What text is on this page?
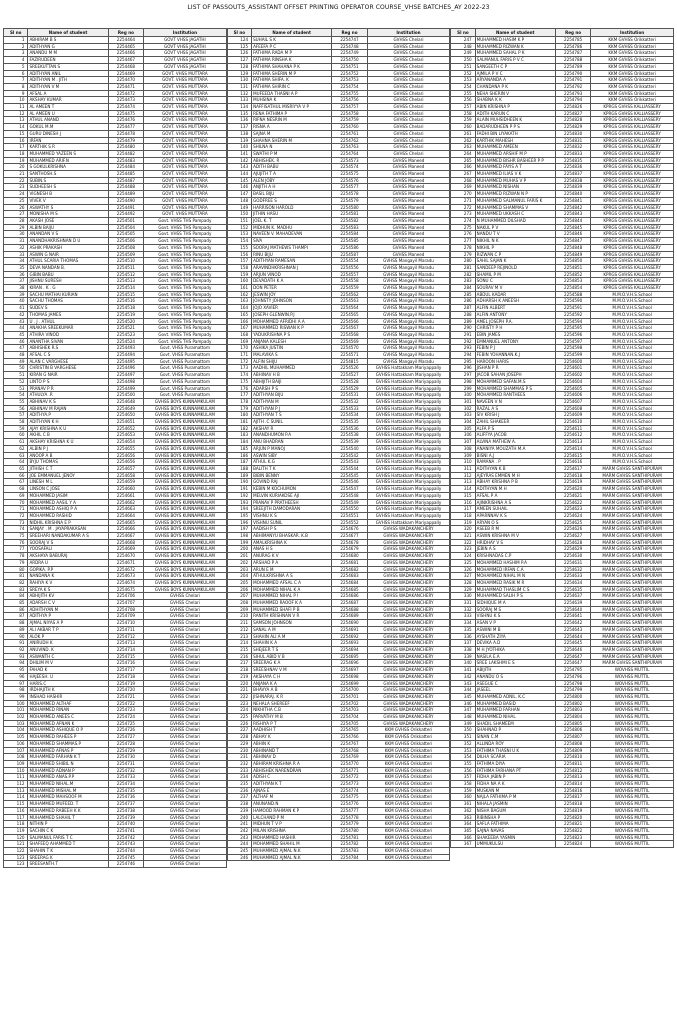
LIST OF PASSOUTS_ASSISTANT OFFSET PRINTING OPERATOR COURSE_VHSE BATCHES_AY 2022-23
Sl no	Name of student	Reg no	Institution
1	ABHIRAM B S	2254464	GOVT VHSS JAGATHI
2	ADITHYAN G	2254465	GOVT VHSS JAGATHI
3	ANANDU M M	2254466	GOVT VHSS JAGATHI
4	FAZIRUDEEN	2254467	GOVT VHSS JAGATHI
5	SREEKUTTAN S	2254468	GOVT VHSS JAGATHI
6	ADITHYAN ANIL	2254469	GOVT. VHSS MUTTARA
7	ADITHYAN M . JITH	2254470	GOVT. VHSS MUTTARA
8	ADITHYAN V M	2254471	GOVT. VHSS MUTTARA
9	AFSAL A	2254472	GOVT. VHSS MUTTARA
10	AKSHAY KUMAR	2254473	GOVT. VHSS MUTTARA
11	AL AMEEN T	2254474	GOVT. VHSS MUTTARA
12	AL AMEEN U	2254475	GOVT. VHSS MUTTARA
13	ATHUL ANAND	2254476	GOVT. VHSS MUTTARA
14	GOKUL M.M	2254477	GOVT. VHSS MUTTARA
15	GURU DINESH J	2254478	GOVT. VHSS MUTTARA
16	IRFAN	2254479	GOVT. VHSS MUTTARA
17	KARTHIK S R	2254480	GOVT. VHSS MUTTARA
18	MUHAMMED YAZEEN S	2254482	GOVT. VHSS MUTTARA
19	MUHAMMED ARIF.N	2254483	GOVT. VHSS MUTTARA
20	S GOKULKRISHNA	2254484	GOVT. VHSS MUTTARA
21	SANTHOSH.S	2254485	GOVT. VHSS MUTTARA
22	SUBIN.S	2254487	GOVT. VHSS MUTTARA
23	SUDHEESH S	2254488	GOVT. VHSS MUTTARA
24	VIGNESH B	2254489	GOVT. VHSS MUTTARA
25	VIVEK V	2254490	GOVT. VHSS MUTTARA
26	ASWATHY S	2254491	GOVT. VHSS MUTTARA
27	MONISHA M S	2254492	GOVT. VHSS MUTTARA
28	AKASH JOSE	2254501	Govt. VHSS THS Pampady
29	ALBIN BAIJU	2254504	Govt. VHSS THS Pampady
30	ANANDAN V S	2254505	Govt. VHSS THS Pampady
31	ANANDHAKRISHNAN D U	2254506	Govt. VHSS THS Pampady
32	ASHIK PRAKASH	2254508	Govt. VHSS THS Pampady
33	ASWIN G NAIR	2254509	Govt. VHSS THS Pampady
34	ATHUL SCARIA THOMAS	2254510	Govt. VHSS THS Pampady
35	DEVA NANDAN B.	2254511	Govt. VHSS THS Pampady
36	GIBIN BABU	2254512	Govt. VHSS THS Pampady
37	JISHNU SURESH	2254513	Govt. VHSS THS Pampady
38	KIRAN . K . G	2254514	Govt. VHSS THS Pampady
39	SACHU MATHAI KURIAN	2254515	Govt. VHSS THS Pampady
40	SACHU THOMAS	2254516	Govt. VHSS THS Pampady
41	SUDEV S	2254518	Govt. VHSS THS Pampady
42	THOMAS JAMES	2254519	Govt. VHSS THS Pampady
43	U . J . ATHUL	2254520	Govt. VHSS THS Pampady
44	ANAKHA SREEKUMAR	2254521	Govt. VHSS THS Pampady
45	ATHIRA VINOD	2254523	Govt. VHSS THS Pampady
46	ANANTHA SIVAN	2254524	Govt. VHSS THS Pampady
47	ABHISHEK R.S	2254493	Govt. VHSS Puramattom
48	AFSAL C S	2254494	Govt. VHSS Puramattom
49	ALAN C VARGHESE	2254495	Govt. VHSS Puramattom
50	CHRISTIN B VARGHESE	2254496	Govt. VHSS Puramattom
51	KIRAN G NAIR	2254497	Govt. VHSS Puramattom
52	LINTO P S	2254498	Govt. VHSS Puramattom
53	PRANAV P R	2254499	Govt. VHSS Puramattom
54	ATHULYA .R	2254500	Govt. VHSS Puramattom
55	ABHINAV K S	2254648	GVHSS BOYS KUNNAMKULAM
56	ABHINAV M RAJAN	2254649	GVHSS BOYS KUNNAMKULAM
57	ADITHYA.P	2254650	GVHSS BOYS KUNNAMKULAM
58	ADITHYAN K H	2254651	GVHSS BOYS KUNNAMKULAM
59	AJAY KRISHNA K U	2254652	GVHSS BOYS KUNNAMKULAM
60	AKHIL C B	2254653	GVHSS BOYS KUNNAMKULAM
61	AKSHAY KRISHNA K U	2254654	GVHSS BOYS KUNNAMKULAM
62	ALBIN P J	2254655	GVHSS BOYS KUNNAMKULAM
63	ANOOP A B	2254656	GVHSS BOYS KUNNAMKULAM
64	BYJU THOMAS	2254656	GVHSS BOYS KUNNAMKULAM
65	JITHISH C T	2254657	GVHSS BOYS KUNNAMKULAM
66	JOE EMMANUEL JENOY	2254658	GVHSS BOYS KUNNAMKULAM
67	LINESH M L	2254659	GVHSS BOYS KUNNAMKULAM
68	LINSON C JOSE	2254660	GVHSS BOYS KUNNAMKULAM
69	MOHAMMED JASIM	2254661	GVHSS BOYS KUNNAMKULAM
70	MOHAMMED AASIL Y A	2254662	GVHSS BOYS KUNNAMKULAM
71	MOHAMMED ASHIQ P A	2254663	GVHSS BOYS KUNNAMKULAM
72	MOHAMMED RASHID	2254664	GVHSS BOYS KUNNAMKULAM
73	NIDHIL KRISHNA E P	2254665	GVHSS BOYS KUNNAMKULAM
74	SANJAY . M . JAYAPRAKASAN	2254666	GVHSS BOYS KUNNAMKULAM
75	SREEHARI NANDAKUMAR A S	2254667	GVHSS BOYS KUNNAMKULAM
76	SOORAJ V S	2254668	GVHSS BOYS KUNNAMKULAM
77	YOOSAFALI	2254669	GVHSS BOYS KUNNAMKULAM
78	AKSHAYA BABURAJ	2254670	GVHSS BOYS KUNNAMKULAM
79	ARDRA U	2254671	GVHSS BOYS KUNNAMKULAM
80	GOPIKA. P.P	2254672	GVHSS BOYS KUNNAMKULAM
81	NANDANA K	2254673	GVHSS BOYS KUNNAMKULAM
82	RAHIYA K V	2254674	GVHSS BOYS KUNNAMKULAM
83	SREYA K S	2254675	GVHSS BOYS KUNNAMKULAM
84	ABHIJITH KV	2254706	GVHSS Chelari
85	ADARSH C V	2254707	GVHSS Chelari
86	ADHITHYAN M	2254708	GVHSS Chelari
87	ADITHYA P	2254709	GVHSS Chelari
88	AJMAL NIYAS A P	2254710	GVHSS Chelari
89	ALI AKBAR T P	2254711	GVHSS Chelari
90	ALOK P	2254712	GVHSS Chelari
91	ANIRUDH K	2254713	GVHSS Chelari
92	ANUVIND. K	2254714	GVHSS Chelari
93	ASWANTH C	2254715	GVHSS Chelari
94	DHILIM M V	2254716	GVHSS Chelari
95	FAHAD K	2254717	GVHSS Chelari
96	HAJEESH. U	2254718	GVHSS Chelari
97	HARIS.C	2254719	GVHSS Chelari
98	IRDHAJITH K	2254720	GVHSS Chelari
99	INSHAD HASHIR	2254721	GVHSS Chelari
100	MOHAMMED ALTHAF	2254722	GVHSS Chelari
101	MOHAMMED RINAN	2254723	GVHSS Chelari
102	MOHAMMED ANEES C	2254724	GVHSS Chelari
103	MOHAMMED AFNAN K	2254725	GVHSS Chelari
104	MOHAMMED ASHIQUE O P	2254726	GVHSS Chelari
105	MOHAMMED RAHEES P	2254727	GVHSS Chelari
106	MOHAMMED SHAMMAS.P	2254728	GVHSS Chelari
107	MUHAMMED AFNAS P	2254729	GVHSS Chelari
108	MUHAMMED FARHAN K T	2254730	GVHSS Chelari
109	MUHAMMED SHIBIL N	2254731	GVHSS Chelari
110	MUHAMMED ADNAN P	2254732	GVHSS Chelari
111	MUHAMMED ANAS.P.P	2254733	GVHSS Chelari
112	MUHAMMED NIHAL.M	2254734	GVHSS Chelari
113	MUHAMMED MISHAL M	2254735	GVHSS Chelari
114	MUHAMMED MAHSOOF M	2254736	GVHSS Chelari
115	MUHAMMED MUFEED. T	2254737	GVHSS Chelari
116	MUHAMMED RABEEH K K	2254738	GVHSS Chelari
117	MUHAMMED SHAHIL T	2254739	GVHSS Chelari
118	NITHIN P	2254740	GVHSS Chelari
119	SACHIN C K	2254741	GVHSS Chelari
120	SALMANUL FARIS T C	2254742	GVHSS Chelari
121	SHAFEEQ AHAMMED T	2254743	GVHSS Chelari
122	SHAHIN T K	2254744	GVHSS Chelari
123	SREERAG K	2254745	GVHSS Chelari
123	SREESANTH.T	2254746	GVHSS Chelari
Sl no	Name of student	Reg no	Institution
124	SUHAIL S K	2254747	GVHSS Chelari
125	AFEEFA P C	2254748	GVHSS Chelari
126	FATHIMA RADA M P	2254749	GVHSS Chelari
127	FATHIMA RINSHA K	2254750	GVHSS Chelari
128	FATHIMA SHAHANA P K	2254751	GVHSS Chelari
129	FATHIMA SHERIN M P	2254752	GVHSS Chelari
130	FATHIMA SHIFA. K	2254753	GVHSS Chelari
131	FATHIMA SHIRIN C	2254754	GVHSS Chelari
132	MUFEEDA THASNI A P	2254755	GVHSS Chelari
133	MUHSINA K	2254756	GVHSS Chelari
134	NAFFISATHUL MISRIYYA V P	2254757	GVHSS Chelari
135	RENA FATHIMA P	2254758	GVHSS Chelari
136	RIFNA NESRIN M	2254759	GVHSS Chelari
137	RISNA A	2254760	GVHSS Chelari
138	SAJNA M	2254761	GVHSS Chelari
139	SHAHNA SHERIN M	2254762	GVHSS Chelari
140	SHILNA N	2254763	GVHSS Chelari
141	SWATHI P M	2254764	GVHSS Chelari
142	ABHISHEK. R	2254573	GVHSS Maneed
143	ADITH BABU	2254574	GVHSS Maneed
144	AJUJITH T A	2254575	GVHSS Maneed
145	ALEN JOBY	2254576	GVHSS Maneed
146	ANJITH A H	2254577	GVHSS Maneed
147	BASIL BIJU	2254578	GVHSS Maneed
148	GODFREE S	2254579	GVHSS Maneed
149	HARRISON HAROLD	2254580	GVHSS Maneed
150	JITHIN HASU	2254581	GVHSS Maneed
151	JOEL K. T	2254582	GVHSS Maneed
152	MIDHUN K. MADHU	2254583	GVHSS Maneed
153	NAVEEN V. MAHADEVAN	2254584	GVHSS Maneed
154	SIVA	2254585	GVHSS Maneed
155	SOORAJ MATHEWS THAMPI	2254586	GVHSS Maneed
156	RINU BIJU	2254587	GVHSS Maneed
157	ADITHYAN RAMESAN	2254554	GVHSS Mangayil Maradu
158	ARAVINDHKRISHNAN J	2254556	GVHSS Mangayil Maradu
159	ARJUN VINOD	2254557	GVHSS Mangayil Maradu
160	DEVADATH K A	2254558	GVHSS Mangayil Maradu
161	DON PETER	2254559	GVHSS Mangayil Maradu
162	JESWIN JOY	2254562	GVHSS Mangayil Maradu
163	JOHNSTY JOHNSON	2254563	GVHSS Mangayil Maradu
164	JOJO XAVIER	2254564	GVHSS Mangayil Maradu
165	JOSEPH GLENWIN.P.J	2254565	GVHSS Mangayil Maradu
166	MOHAMMED AFRIDHI A A	2254566	GVHSS Mangayil Maradu
167	MUHAMMED RISWAN K P	2254567	GVHSS Mangayil Maradu
168	YADUKRISHNA P S	2254568	GVHSS Mangayil Maradu
169	ANJANA KALESH	2254569	GVHSS Mangayil Maradu
170	ASHIKA JUSTIN	2254570	GVHSS Mangayil Maradu
171	MALAVIKA S	2254571	GVHSS Mangayil Maradu
172	ALFIN SHIJU	2254815	GVHSS Mangayil Maradu
173	AADHIL MUHAMMED	2254526	GVHSS Hattakkam Mariyappally
174	ABHINAV H B	2254527	GVHSS Hattakkam Mariyappally
175	ABHIJITH BAIJI	2254528	GVHSS Hattakkam Mariyappally
176	ADARSH P S	2254529	GVHSS Hattakkam Mariyappally
177	ADITHYAN BIJU	2254531	GVHSS Hattakkam Mariyappally
178	ADITHYAN M	2254532	GVHSS Hattakkam Mariyappally
179	ADITHYAN P J	2254533	GVHSS Hattakkam Mariyappally
180	ADITHYAN T S	2254534	GVHSS Hattakkam Mariyappally
181	AJITH .C SUNIL	2254535	GVHSS Hattakkam Mariyappally
182	AKSHAY R	2254536	GVHSS Hattakkam Mariyappally
183	ANANDHUMON P.A	2254538	GVHSS Hattakkam Mariyappally
184	ANU BHADRAN	2254539	GVHSS Hattakkam Mariyappally
185	ARJUN P MANOJ	2254540	GVHSS Hattakkam Mariyappally
186	ASWIN SIBY	2254542	GVHSS Hattakkam Mariyappally
187	ATHUL K.G	2254543	GVHSS Hattakkam Mariyappally
188	BALITH T K	2254544	GVHSS Hattakkam Mariyappally
189	BIBIN BENNY	2254545	GVHSS Hattakkam Mariyappally
190	GOVIND RAJ	2254546	GVHSS Hattakkam Mariyappally
191	KEBIN M KOCHUMON	2254547	GVHSS Hattakkam Mariyappally
192	MELVIN KURIAKOSE AJI	2254548	GVHSS Hattakkam Mariyappally
193	PRANAV P PRATHEESH	2254549	GVHSS Hattakkam Mariyappally
194	SREEJITH DAMODARAN	2254550	GVHSS Hattakkam Mariyappally
195	VISHNU K S	2254551	GVHSS Hattakkam Mariyappally
196	VISHNU SUNIL	2254552	GVHSS Hattakkam Mariyappally
197	AADISH P S	2254676	GVHSS WADAKANCHERY
198	ABHIMANYU BHASKAR. K.B	2254677	GVHSS WADAKANCHERY
199	AMALKRISHNA K	2254678	GVHSS WADAKANCHERY
200	ANAS H S	2254679	GVHSS WADAKANCHERY
201	ANURAG K V	2254680	GVHSS WADAKANCHERY
202	ARSHAD P A	2254681	GVHSS WADAKANCHERY
203	ARUN E M	2254682	GVHSS WADAKANCHERY
204	ATHULKRISHNA A S	2254683	GVHSS WADAKANCHERY
205	MOHAMMED AFSAL C A	2254684	GVHSS WADAKANCHERY
206	MOHAMMED NIHAL K A	2254685	GVHSS WADAKANCHERY
207	MUHAMMED NIHAL P I	2254686	GVHSS WADAKANCHERY
208	MUHAMMED RAOOF K A	2254687	GVHSS WADAKANCHERY
209	MUHAMMED SHAFI P B	2254688	GVHSS WADAKANCHERY
210	RANITH KRISHNAN V R	2254689	GVHSS WADAKANCHERY
211	SAMSON JOHNSON	2254690	GVHSS WADAKANCHERY
212	SANAL A M	2254691	GVHSS WADAKANCHERY
213	SHAHIN ALI A M	2254692	GVHSS WADAKANCHERY
214	SHAHIN K A	2254693	GVHSS WADAKANCHERY
215	SHEJEER T S	2254694	GVHSS WADAKANCHERY
216	SIHUL ABID V B	2254695	GVHSS WADAKANCHERY
217	SREERAG K A	2254696	GVHSS WADAKANCHERY
218	SREESHNAV V M	2254697	GVHSS WADAKANCHERY
219	AKSHAYA C H	2254698	GVHSS WADAKANCHERY
220	ANJANA K A	2254699	GVHSS WADAKANCHERY
221	BHAVYA A B	2254700	GVHSS WADAKANCHERY
222	JISHNARAJ. K R	2254701	GVHSS WADAKANCHERY
223	NEHALA SHEREEF	2254702	GVHSS WADAKANCHERY
224	NIKHITHA C.B	2254703	GVHSS WADAKANCHERY
225	PARVATHY M B	2254704	GVHSS WADAKANCHERY
226	RISHIYA P T	2254705	GVHSS WADAKANCHERY
227	AADHISH T	2254765	KKM GVHSS Orikkatteri
228	ABHAY K	2254766	KKM GVHSS Orikkatteri
229	ABHIN K	2254767	KKM GVHSS Orikkatteri
230	ABHINAND T	2254768	KKM GVHSS Orikkatteri
231	ABHINAV D	2254769	KKM GVHSS Orikkatteri
232	ABHIRAM KRISHNA R A	2254770	KKM GVHSS Orikkatteri
233	ABHISHEK NARENDRAN	2254771	KKM GVHSS Orikkatteri
234	ADISH C	2254772	KKM GVHSS Orikkatteri
235	ADITHYAN K T	2254773	KKM GVHSS Orikkatteri
236	AJNAS E	2254774	KKM GVHSS Orikkatteri
237	ALTHAF M	2254775	KKM GVHSS Orikkatteri
238	ANUNAND.N	2254776	KKM GVHSS Orikkatteri
239	HAMOOD RAHMAN K P	2254777	KKM GVHSS Orikkatteri
240	LALCHAND P M	2254778	KKM GVHSS Orikkatteri
241	MIDHUN T V P	2254779	KKM GVHSS Orikkatteri
242	MILAN KRISHNA	2254780	KKM GVHSS Orikkatteri
243	MOHAMMED HASHIR	2254781	KKM GVHSS Orikkatteri
244	MOHAMMED SHAHIL M	2254782	KKM GVHSS Orikkatteri
245	MUHAMMED AJMAL N.K	2254783	KKM GVHSS Orikkatteri
246	MUHAMMED AJMAL N.K	2254784	KKM GVHSS Orikkatteri
Sl no	Name of student	Reg no	Institution
247	MUHAMMED HASIM K P	2254785	KKM GVHSS Orikkatteri
248	MUHAMMED RIZWAN K	2254786	KKM GVHSS Orikkatteri
249	MUHAMMED SAHAL P K	2254787	KKM GVHSS Orikkatteri
250	SALMANUL FARIS P V C	2254788	KKM GVHSS Orikkatteri
251	SANGEETH C P	2254789	KKM GVHSS Orikkatteri
252	AJMILA P V C	2254790	KKM GVHSS Orikkatteri
253	ARYANANDA A	2254791	KKM GVHSS Orikkatteri
254	CHANDANA P K	2254792	KKM GVHSS Orikkatteri
255	NEHA SHERIN V	2254793	KKM GVHSS Orikkatteri
256	SHABNA K K	2254794	KKM GVHSS Orikkatteri
257	ABIN KRISHNA P	2254826	KPRGS GVHSS KALLIASSERY
258	ADITH KARUN C	2254827	KPRGS GVHSS KALLIASSERY
259	ALAIN MUHSIDHEEN K	2254828	KPRGS GVHSS KALLIASSERY
260	BADARUDHEEN P P S	2254829	KPRGS GVHSS KALLIASSERY
261	FADHI BIN LIYAKATH	2254830	KPRGS GVHSS KALLIASSERY
262	KARTHIK MAHESH	2254831	KPRGS GVHSS KALLIASSERY
263	MUHAMMED AMEEN	2254832	KPRGS GVHSS KALLIASSERY
264	MUHAMMED ARSHIF M P	2254833	KPRGS GVHSS KALLIASSERY
265	MUHAMMED BISHR BASHEER P P	2254835	KPRGS GVHSS KALLIASSERY
266	MUHAMMED FAYIS A T	2254836	KPRGS GVHSS KALLIASSERY
267	MUHAMMED ILIAS V K	2254837	KPRGS GVHSS KALLIASSERY
268	MUHAMMED MUHAS V P	2254838	KPRGS GVHSS KALLIASSERY
269	MUHAMMED NISHAN	2254839	KPRGS GVHSS KALLIASSERY
270	MUHAMMED RIZWAN N P	2254840	KPRGS GVHSS KALLIASSERY
271	MUHAMMED SALMANUL FARIS K	2254841	KPRGS GVHSS KALLIASSERY
272	MUHAMMED SHAMMAS V	2254842	KPRGS GVHSS KALLIASSERY
273	MUHAMMED UKKASH C	2254843	KPRGS GVHSS KALLIASSERY
274	N MUHAMMED DILSHAD	2254844	KPRGS GVHSS KALLIASSERY
275	NAKUL P V	2254845	KPRGS GVHSS KALLIASSERY
276	NANDU T V	2254846	KPRGS GVHSS KALLIASSERY
277	NIKHIL N K	2254847	KPRGS GVHSS KALLIASSERY
278	NIKHIL P	2254848	KPRGS GVHSS KALLIASSERY
279	RIZWAN C P	2254849	KPRGS GVHSS KALLIASSERY
280	SAHIL SAJAN K	2254850	KPRGS GVHSS KALLIASSERY
281	SANDEEP REJINOLD	2254851	KPRGS GVHSS KALLIASSERY
282	SHAMIL P M	2254852	KPRGS GVHSS KALLIASSERY
283	SONU C	2254853	KPRGS GVHSS KALLIASSERY
284	SOURAV M V	2254854	KPRGS GVHSS KALLIASSERY
285	ABDUL KADAR	2254588	M.M.O.V.H.S.School
286	ADHARSH K ANEESH	2254590	M.M.O.V.H.S.School
287	ALFIN ALBERT	2254591	M.M.O.V.H.S.School
288	ALFIN ANTONY	2254592	M.M.O.V.H.S.School
289	AMEL JOSEPH P.A.	2254594	M.M.O.V.H.S.School
290	CHRISTY P H	2254595	M.M.O.V.H.S.School
291	EBIN JAMES	2254596	M.M.O.V.H.S.School
292	EMMANUEL ANTONY	2254597	M.M.O.V.H.S.School
293	FEBIN P J	2254598	M.M.O.V.H.S.School
294	FEBIN YOHANNAN.K.J	2254599	M.M.O.V.H.S.School
295	HAROON HARIS	2254600	M.M.O.V.H.S.School
296	JISHAN P R	2254601	M.M.O.V.H.S.School
297	JACOB SAHAN JOSEPH	2254602	M.M.O.V.H.S.School
298	MOHAMMED SAFAN.M.S	2254604	M.M.O.V.H.S.School
299	MOHAMMED SHAMMAS P S	2254605	M.M.O.V.H.S.School
300	MOHAMMED RANTHEES	2254606	M.M.O.V.H.S.School
301	NAVEEN V N	2254607	M.M.O.V.H.S.School
302	RAZAL A S	2254608	M.M.O.V.H.S.School
303	SIV KRISH J	2254609	M.M.O.V.H.S.School
304	ZAHIL SHAKEER	2254610	M.M.O.V.H.S.School
305	ALFA P S	2254611	M.M.O.V.H.S.School
306	ALIFFYA JACOB	2254612	M.M.O.V.H.S.School
307	ALVINA MATHEW A.	2254613	M.M.O.V.H.S.School
308	ANANIYA MOUZATH M.A	2254614	M.M.O.V.H.S.School
309	BISNI A.J	2254615	M.M.O.V.H.S.School
310	RAMANA . P	2254616	M.M.O.V.H.S.School
311	ADITHYAN K B	2254617	MARM GVHSS SANTHIPURAM
312	AJEYRAS EMMEN M H	2254618	MARM GVHSS SANTHIPURAM
313	ABHAY KRISHNA P B	2254619	MARM GVHSS SANTHIPURAM
314	ADITHYAN M H	2254620	MARM GVHSS SANTHIPURAM
315	AFSAL P A	2254621	MARM GVHSS SANTHIPURAM
316	AJINKRISHNA A S	2254622	MARM GVHSS SANTHIPURAM
317	AMEEN SUHAIL	2254623	MARM GVHSS SANTHIPURAM
318	APARNNAV K S	2254624	MARM GVHSS SANTHIPURAM
319	ARYAN O S	2254625	MARM GVHSS SANTHIPURAM
320	ASEEB R M	2254626	MARM GVHSS SANTHIPURAM
321	ASWIN KRISHNA M V	2254627	MARM GVHSS SANTHIPURAM
322	HRIDHAY V S	2254628	MARM GVHSS SANTHIPURAM
323	JEBIN A S	2254629	MARM GVHSS SANTHIPURAM
324	KRISHNADAS C.P	2254630	MARM GVHSS SANTHIPURAM
325	MOHAMMED HASHIM P.A	2254631	MARM GVHSS SANTHIPURAM
326	MOHAMMED IRFAN C.A	2254632	MARM GVHSS SANTHIPURAM
327	MOHAMMED NIHAL M N	2254633	MARM GVHSS SANTHIPURAM
328	MOHAMMED RASIK M R	2254634	MARM GVHSS SANTHIPURAM
329	MUHAMMAD THASLIM C S	2254635	MARM GVHSS SANTHIPURAM
330	MUHAMMED SALIH P S	2254637	MARM GVHSS SANTHIPURAM
331	SIDHIQUE M A	2254639	MARM GVHSS SANTHIPURAM
332	SOORAJ M S	2254640	MARM GVHSS SANTHIPURAM
333	VISHNU K S	2254641	MARM GVHSS SANTHIPURAM
334	ASAN V P	2254642	MARM GVHSS SANTHIPURAM
335	ASWINI M B	2254643	MARM GVHSS SANTHIPURAM
336	AYSHATH ZIYA	2254644	MARM GVHSS SANTHIPURAM
337	DEVIKA A.D	2254645	MARM GVHSS SANTHIPURAM
338	M H JYOTHIKA	2254646	MARM GVHSS SANTHIPURAM
339	NASILA E.A	2254647	MARM GVHSS SANTHIPURAM
340	SREE LAKSHMI E S	2254647	MARM GVHSS SANTHIPURAM
341	ABIJITH	2254795	WOVHSS MUTTIL
342	ANANDU O S	2254796	WOVHSS MUTTIL
343	ASEGUE C	2254798	WOVHSS MUTTIL
344	JASEEL	2254799	WOVHSS MUTTIL
345	MUHAMMED ADNIL. K.C	2254800	WOVHSS MUTTIL
346	MUHAMMED BASID	2254802	WOVHSS MUTTIL
347	MUHAMMED FARHAN	2254803	WOVHSS MUTTIL
348	MUHAMMED NIHAL	2254804	WOVHSS MUTTIL
349	SHADIL SHAMEEM	2254805	WOVHSS MUTTIL
350	SHAHNAD P	2254806	WOVHSS MUTTIL
351	SINAN C.M	2254807	WOVHSS MUTTIL
352	ALLINDA ROY	2254808	WOVHSS MUTTIL
353	FATHIMA THASNI U K	2254809	WOVHSS MUTTIL
354	DILHA SCARIA	2254810	WOVHSS MUTTIL
355	FATHIMA DIYA	2254811	WOVHSS MUTTIL
356	FATHIMA FARHANA PT	2254812	WOVHSS MUTTIL
357	FIDHA JABIN P	2254813	WOVHSS MUTTIL
358	FIDHA NA A K	2254814	WOVHSS MUTTIL
359	MUSKAN M	2254816	WOVHSS MUTTIL
360	NAJLA FATHIMA P M	2254817	WOVHSS MUTTIL
361	NIHALA JASMIN	2254818	WOVHSS MUTTIL
362	NISHA BAGUM	2254819	WOVHSS MUTTIL
363	RIBINSHA P	2254820	WOVHSS MUTTIL
364	SAFLA FATHIMA	2254821	WOVHSS MUTTIL
365	SAJNA NAVAS	2254822	WOVHSS MUTTIL
366	SHAKEEBA YASMIN	2254823	WOVHSS MUTTIL
367	UMMUKULSU	2254824	WOVHSS MUTTIL
